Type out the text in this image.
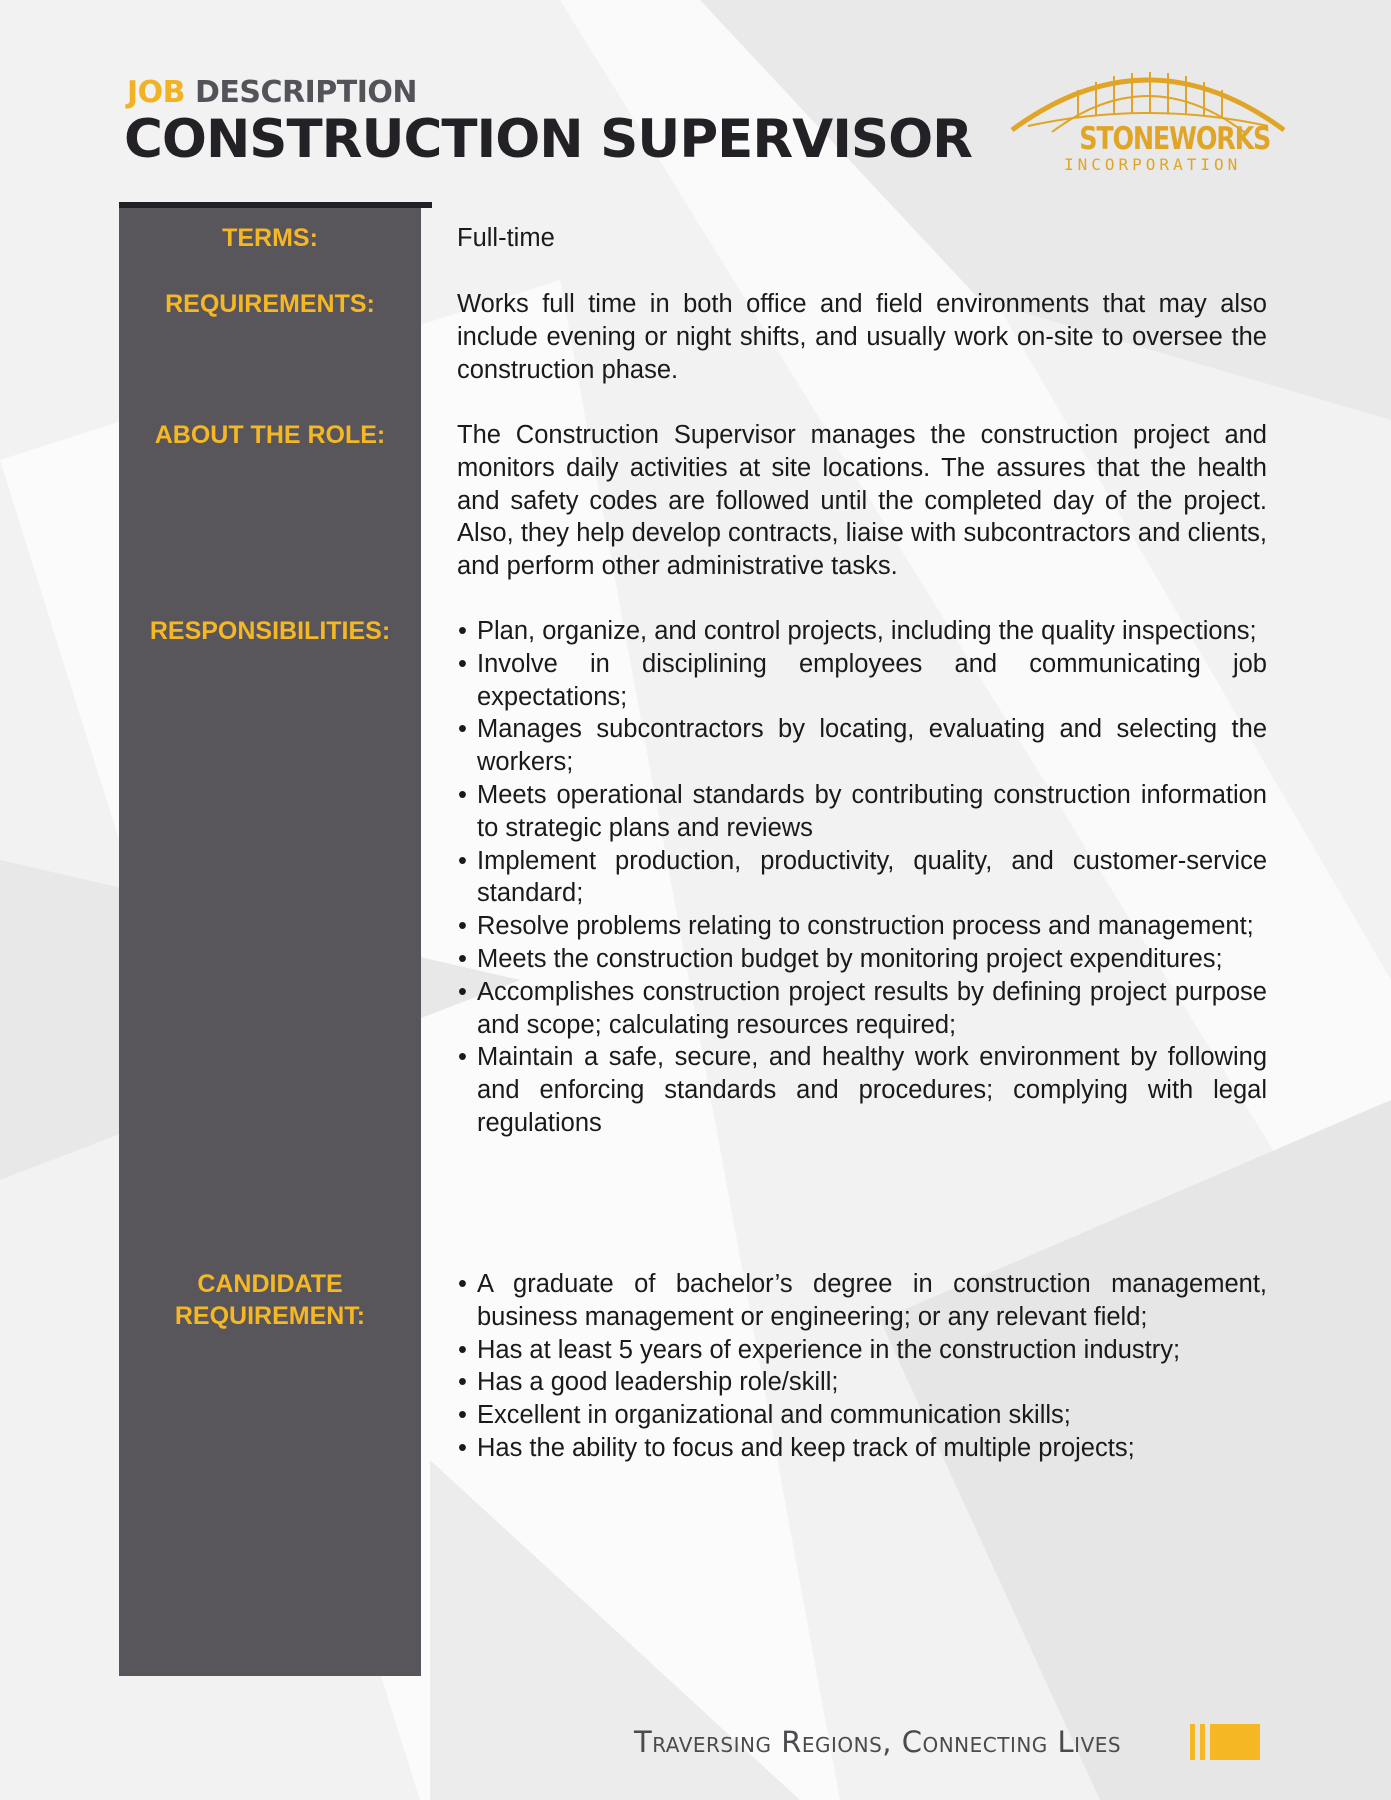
JOB DESCRIPTION
CONSTRUCTION SUPERVISOR	STONEWORKS
INCORPORATION
TERMS:
REQUIREMENTS:
ABOUT THE ROLE:
RESPONSIBILITIES:
CANDIDATE
REQUIREMENT:
Full-time
Works full time in both office and field environments that may also include evening or night shifts, and usually work on-site to oversee the construction phase.
The Construction Supervisor manages the construction project and monitors daily activities at site locations. The assures that the health and safety codes are followed until the completed day of the project. Also, they help develop contracts, liaise with subcontractors and clients, and perform other administrative tasks.
• Plan, organize, and control projects, including the quality inspections;
• Involve in disciplining employees and communicating job expectations;
• Manages subcontractors by locating, evaluating and selecting the workers;
• Meets operational standards by contributing construction information to strategic plans and reviews
• Implement production, productivity, quality, and customer-service standard;
• Resolve problems relating to construction process and management;
• Meets the construction budget by monitoring project expenditures;
• Accomplishes construction project results by defining project purpose and scope; calculating resources required;
• Maintain a safe, secure, and healthy work environment by following and enforcing standards and procedures; complying with legal regulations
• A graduate of bachelor’s degree in construction management, business management or engineering; or any relevant field;
• Has at least 5 years of experience in the construction industry;
• Has a good leadership role/skill;
• Excellent in organizational and communication skills;
• Has the ability to focus and keep track of multiple projects;
Traversing Regions, Connecting Lives
